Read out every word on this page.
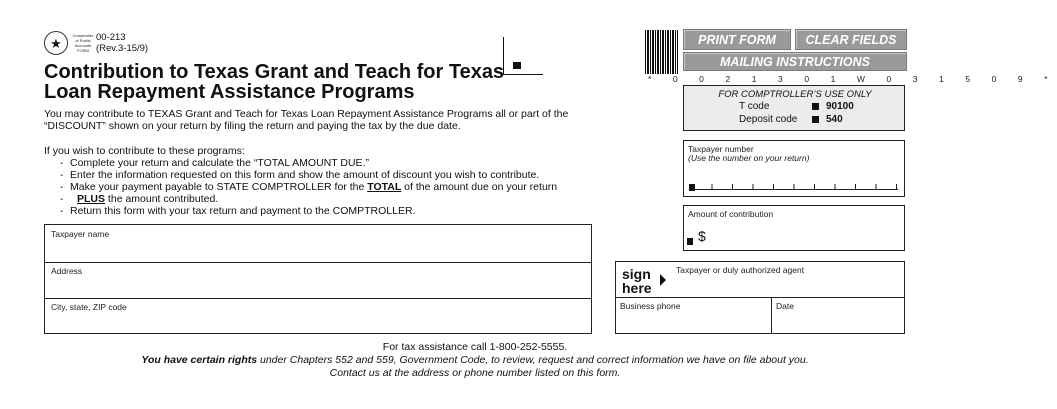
★	Comptroller of Public Accounts FORM
00-213
(Rev.3-15/9)
Contribution to Texas Grant and Teach for Texas Loan Repayment Assistance Programs
You may contribute to TEXAS Grant and Teach for Texas Loan Repayment Assistance Programs all or part of the “DISCOUNT” shown on your return by filing the return and paying the tax by the due date.
If you wish to contribute to these programs:
- Complete your return and calculate the “TOTAL AMOUNT DUE.”
- Enter the information requested on this form and show the amount of discount you wish to contribute.
- Make your payment payable to STATE COMPTROLLER for the TOTAL of the amount due on your return
- PLUS the amount contributed.
- Return this form with your tax return and payment to the COMPTROLLER.
* 0 0 2 1 3 0 1 W 0 3 1 5 0 9 *
PRINT FORM	CLEAR FIELDS
MAILING INSTRUCTIONS
FOR COMPTROLLER’S USE ONLY
T code	90100
Deposit code	540
Taxpayer number
(Use the number on your return)
Amount of contribution
$
sign
here
Taxpayer or duly authorized agent
Business phone	Date
Taxpayer name
Address
City, state, ZIP code
For tax assistance call 1-800-252-5555.
You have certain rights under Chapters 552 and 559, Government Code, to review, request and correct information we have on file about you.
Contact us at the address or phone number listed on this form.
